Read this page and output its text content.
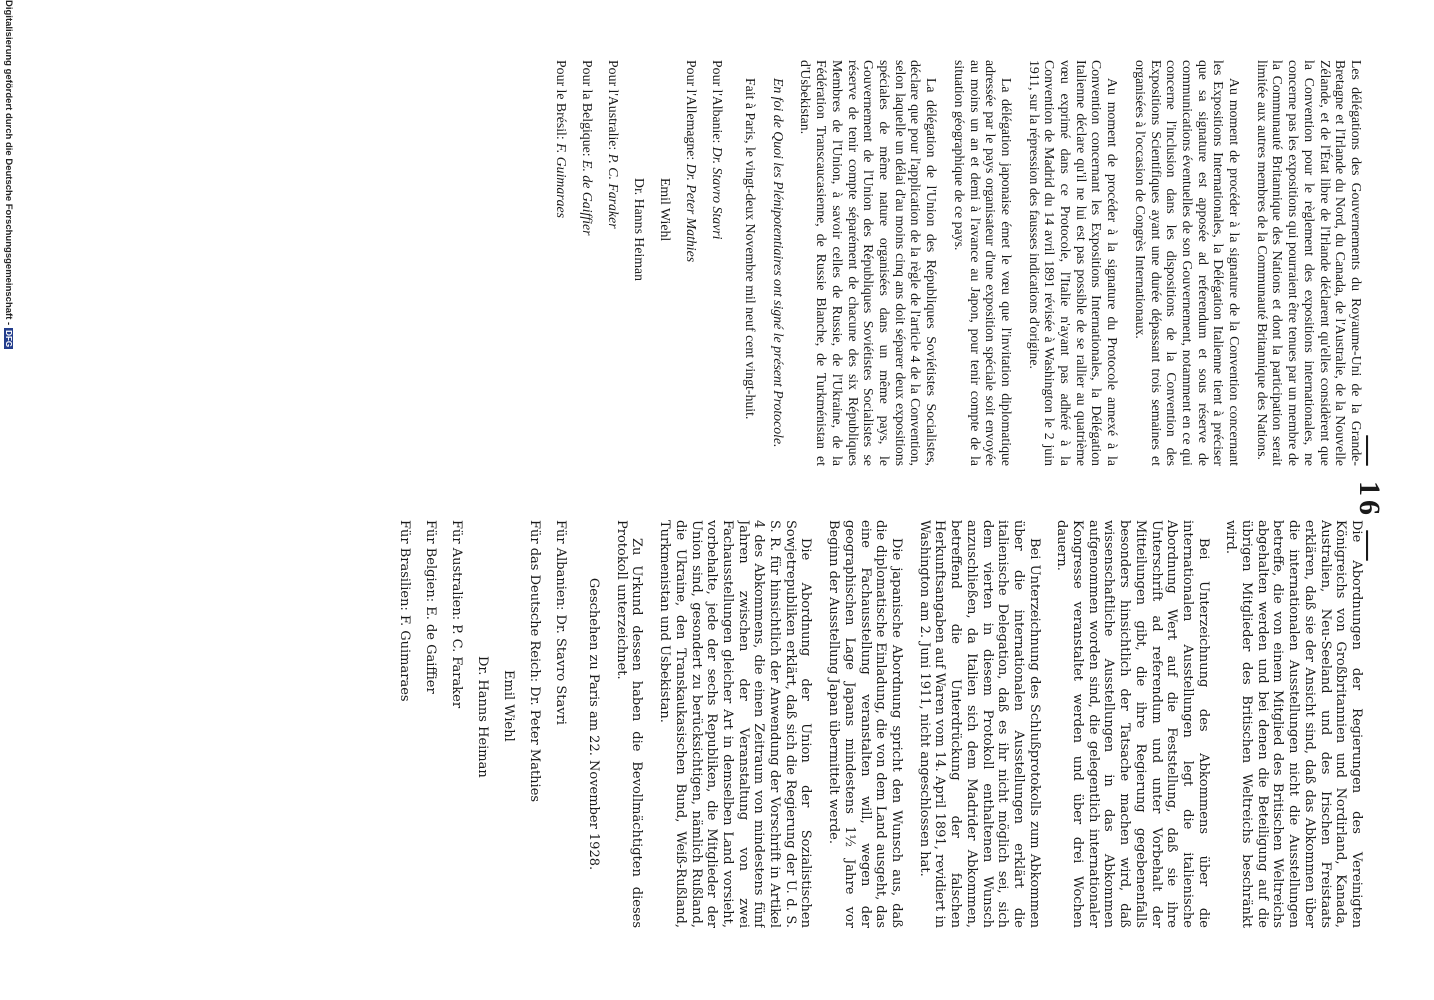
— 16 —

Die Abordnungen der Regierungen des Vereinigten Königreichs von Großbritannien und Nordirland, Kanada, Australien, Neu-Seeland und des Irischen Freistaats erklären, daß sie der Ansicht sind, daß das Abkommen über die internationalen Ausstellungen nicht die Ausstellungen betreffe, die von einem Mitglied des Britischen Weltreichs abgehalten werden und bei denen die Beteiligung auf die übrigen Mitglieder des Britischen Weltreichs beschränkt wird.

Bei Unterzeichnung des Abkommens über die internationalen Ausstellungen legt die italienische Abordnung Wert auf die Feststellung, daß sie ihre Unterschrift ad referendum und unter Vorbehalt der Mitteilungen gibt, die ihre Regierung gegebenenfalls besonders hinsichtlich der Tatsache machen wird, daß wissenschaftliche Ausstellungen in das Abkommen aufgenommen worden sind, die gelegentlich internationaler Kongresse veranstaltet werden und über drei Wochen dauern.

Bei Unterzeichnung des Schlußprotokolls zum Abkommen über die internationalen Ausstellungen erklärt die italienische Delegation, daß es ihr nicht möglich sei, sich dem vierten in diesem Protokoll enthaltenen Wunsch anzuschließen, da Italien sich dem Madrider Abkommen, betreffend die Unterdrückung der falschen Herkunftsangaben auf Waren vom 14. April 1891, revidiert in Washington am 2. Juni 1911, nicht angeschlossen hat.

Die japanische Abordnung spricht den Wunsch aus, daß die diplomatische Einladung, die von dem Land ausgeht, das eine Fachausstellung veranstalten will, wegen der geographischen Lage Japans mindestens 1½ Jahre vor Beginn der Ausstellung Japan übermittelt werde.

Die Abordnung der Union der Sozialistischen Sowjetrepubliken erklärt, daß sich die Regierung der U. d. S. S. R. für hinsichtlich der Anwendung der Vorschrift in Artikel 4 des Abkommens, die einen Zeitraum von mindestens fünf Jahren zwischen der Veranstaltung von zwei Fachausstellungen gleicher Art in demselben Land vorsieht, vorbehalte, jede der sechs Republiken, die Mitglieder der Union sind, gesondert zu berücksichtigen, nämlich Rußland, die Ukraine, den Transkaukasischen Bund, Weiß-Rußland, Turkmenistan und Usbekistan.

Zu Urkund dessen haben die Bevollmächtigten dieses Protokoll unterzeichnet.

Geschehen zu Paris am 22. November 1928.

Für Albanien: Dr. Stavro Stavri
Für das Deutsche Reich: Dr. Peter Mathies
Emil Wiehl
Dr. Hanns Heiman
Für Australien: P. C. Faraker
Für Belgien: E. de Gaiffier
Für Brasilien: F. Guimaraes

Les délégations des Gouvernements du Royaume-Uni de la Grande-Bretagne et l'Irlande du Nord, du Canada, de l'Australie, de la Nouvelle Zélande, et de l'État libre de l'Irlande déclarent qu'elles considèrent que la Convention pour le règlement des expositions internationales, ne concerne pas les expositions qui pourraient être tenues par un membre de la Communauté Britannique des Nations et dont la participation serait limitée aux autres membres de la Communauté Britannique des Nations.

Au moment de procéder à la signature de la Convention concernant les Expositions Internationales, la Délégation Italienne tient à préciser que sa signature est apposée ad referendum et sous réserve de communications éventuelles de son Gouvernement, notamment en ce qui concerne l'inclusion dans les dispositions de la Convention des Expositions Scientifiques ayant une durée dépassant trois semaines et organisées à l'occasion de Congrès Internationaux.

Au moment de procéder à la signature du Protocole annexé à la Convention concernant les Expositions Internationales, la Délégation Italienne déclare qu'il ne lui est pas possible de se rallier au quatrième vœu exprimé dans ce Protocole, l'Italie n'ayant pas adhéré à la Convention de Madrid du 14 avril 1891 révisée à Washington le 2 juin 1911, sur la répression des fausses indications d'origine.

La délégation japonaise émet le vœu que l'invitation diplomatique adressée par le pays organisateur d'une exposition spéciale soit envoyée au moins un an et demi à l'avance au Japon, pour tenir compte de la situation géographique de ce pays.

La délégation de l'Union des Républiques Soviétistes Socialistes, déclare que pour l'application de la règle de l'article 4 de la Convention, selon laquelle un délai d'au moins cinq ans doit séparer deux expositions spéciales de même nature organisées dans un même pays, le Gouvernement de l'Union des Républiques Soviétistes Socialistes se réserve de tenir compte séparément de chacune des six Républiques Membres de l'Union, à savoir celles de Russie, de l'Ukraine, de la Fédération Transcaucasienne, de Russie Blanche, de Turkménistan et d'Usbekistan.

En foi de Quoi les Plénipotentiaires ont signé le présent Protocole.

Fait à Paris, le vingt-deux Novembre mil neuf cent vingt-huit.

Pour l'Albanie: Dr. Stavro Stavri
Pour l'Allemagne: Dr. Peter Mathies
Emil Wiehl
Dr. Hanns Heiman
Pour l'Australie: P. C. Faraker
Pour la Belgique: E. de Gaiffier
Pour le Brésil: F. Guimaraes
Digitalisierung gefördert durch die Deutsche Forschungsgemeinschaft -DFG
